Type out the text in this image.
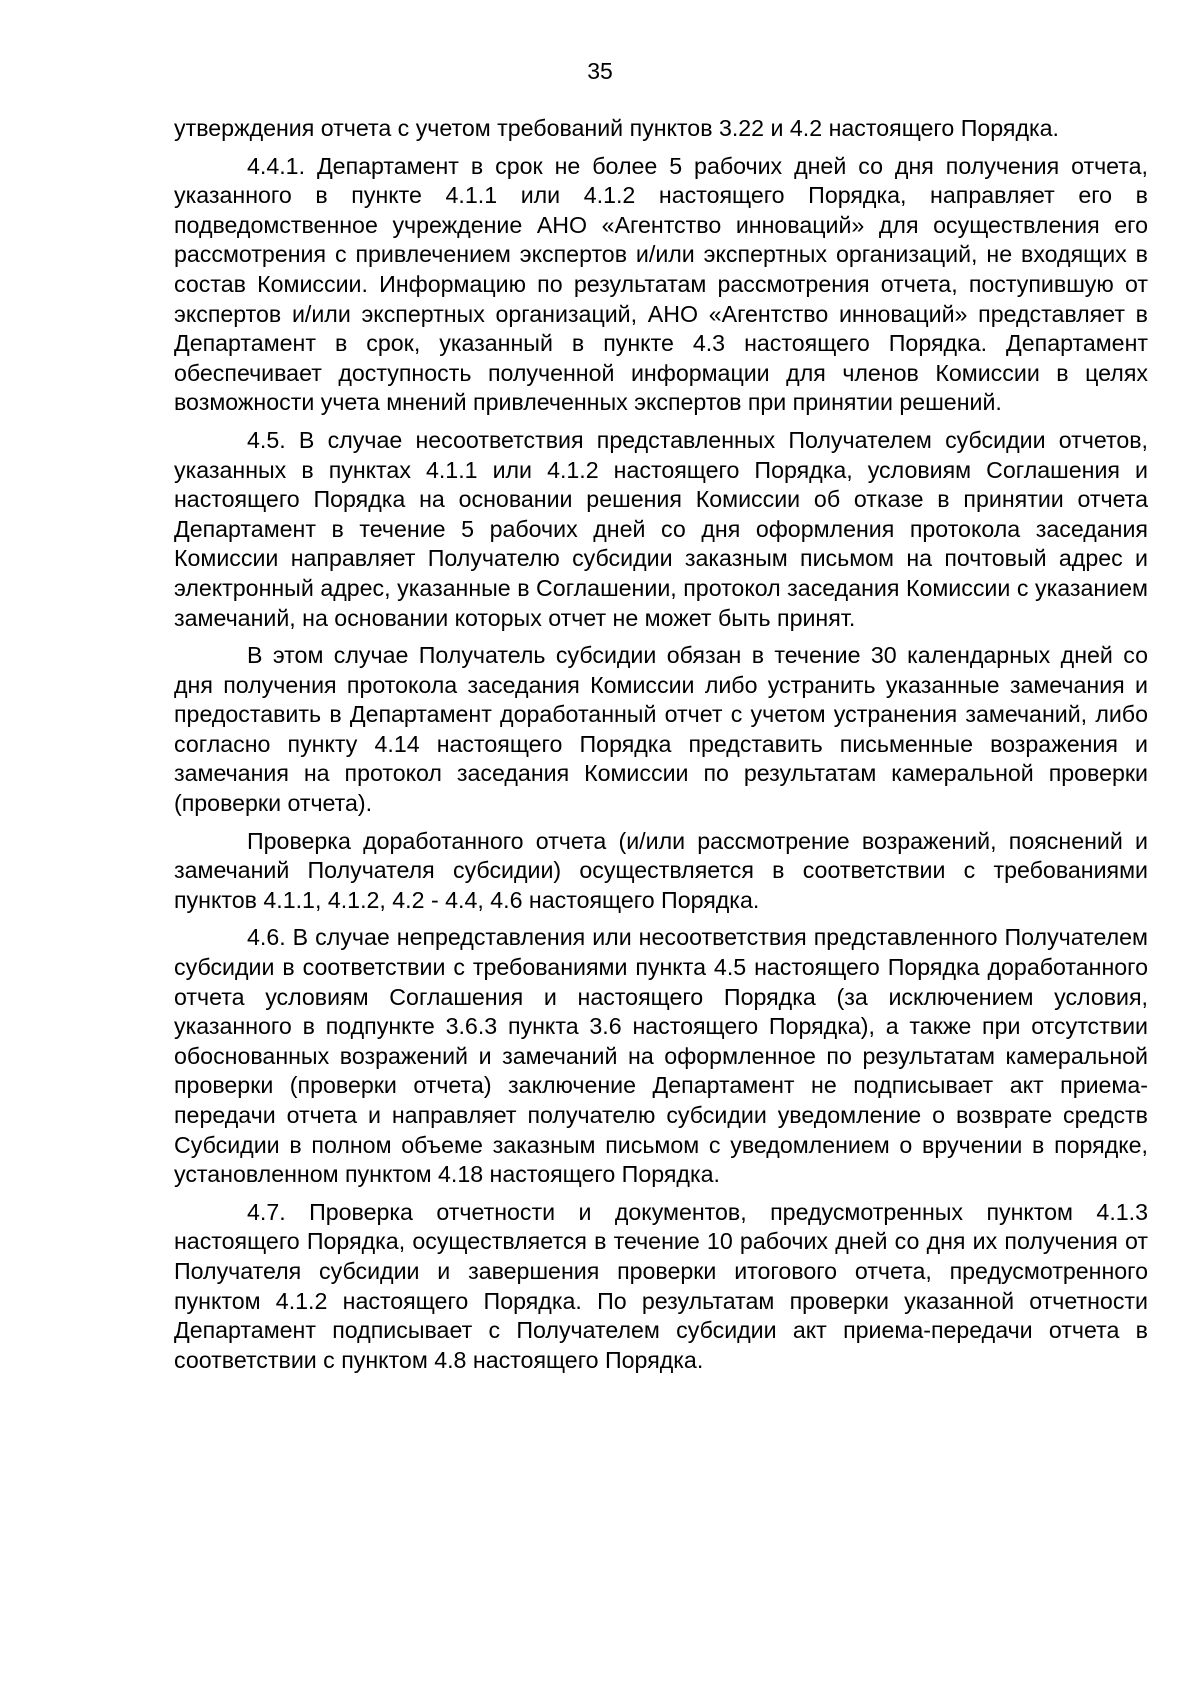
35

утверждения отчета с учетом требований пунктов 3.22 и 4.2 настоящего Порядка.

4.4.1. Департамент в срок не более 5 рабочих дней со дня получения отчета, указанного в пункте 4.1.1 или 4.1.2 настоящего Порядка, направляет его в подведомственное учреждение АНО «Агентство инноваций» для осуществления его рассмотрения с привлечением экспертов и/или экспертных организаций, не входящих в состав Комиссии. Информацию по результатам рассмотрения отчета, поступившую от экспертов и/или экспертных организаций, АНО «Агентство инноваций» представляет в Департамент в срок, указанный в пункте 4.3 настоящего Порядка. Департамент обеспечивает доступность полученной информации для членов Комиссии в целях возможности учета мнений привлеченных экспертов при принятии решений.

4.5. В случае несоответствия представленных Получателем субсидии отчетов, указанных в пунктах 4.1.1 или 4.1.2 настоящего Порядка, условиям Соглашения и настоящего Порядка на основании решения Комиссии об отказе в принятии отчета Департамент в течение 5 рабочих дней со дня оформления протокола заседания Комиссии направляет Получателю субсидии заказным письмом на почтовый адрес и электронный адрес, указанные в Соглашении, протокол заседания Комиссии с указанием замечаний, на основании которых отчет не может быть принят.

В этом случае Получатель субсидии обязан в течение 30 календарных дней со дня получения протокола заседания Комиссии либо устранить указанные замечания и предоставить в Департамент доработанный отчет с учетом устранения замечаний, либо согласно пункту 4.14 настоящего Порядка представить письменные возражения и замечания на протокол заседания Комиссии по результатам камеральной проверки (проверки отчета).

Проверка доработанного отчета (и/или рассмотрение возражений, пояснений и замечаний Получателя субсидии) осуществляется в соответствии с требованиями пунктов 4.1.1, 4.1.2, 4.2 - 4.4, 4.6 настоящего Порядка.

4.6. В случае непредставления или несоответствия представленного Получателем субсидии в соответствии с требованиями пункта 4.5 настоящего Порядка доработанного отчета условиям Соглашения и настоящего Порядка (за исключением условия, указанного в подпункте 3.6.3 пункта 3.6 настоящего Порядка), а также при отсутствии обоснованных возражений и замечаний на оформленное по результатам камеральной проверки (проверки отчета) заключение Департамент не подписывает акт приема-передачи отчета и направляет получателю субсидии уведомление о возврате средств Субсидии в полном объеме заказным письмом с уведомлением о вручении в порядке, установленном пунктом 4.18 настоящего Порядка.

4.7. Проверка отчетности и документов, предусмотренных пунктом 4.1.3 настоящего Порядка, осуществляется в течение 10 рабочих дней со дня их получения от Получателя субсидии и завершения проверки итогового отчета, предусмотренного пунктом 4.1.2 настоящего Порядка. По результатам проверки указанной отчетности Департамент подписывает с Получателем субсидии акт приема-передачи отчета в соответствии с пунктом 4.8 настоящего Порядка.
